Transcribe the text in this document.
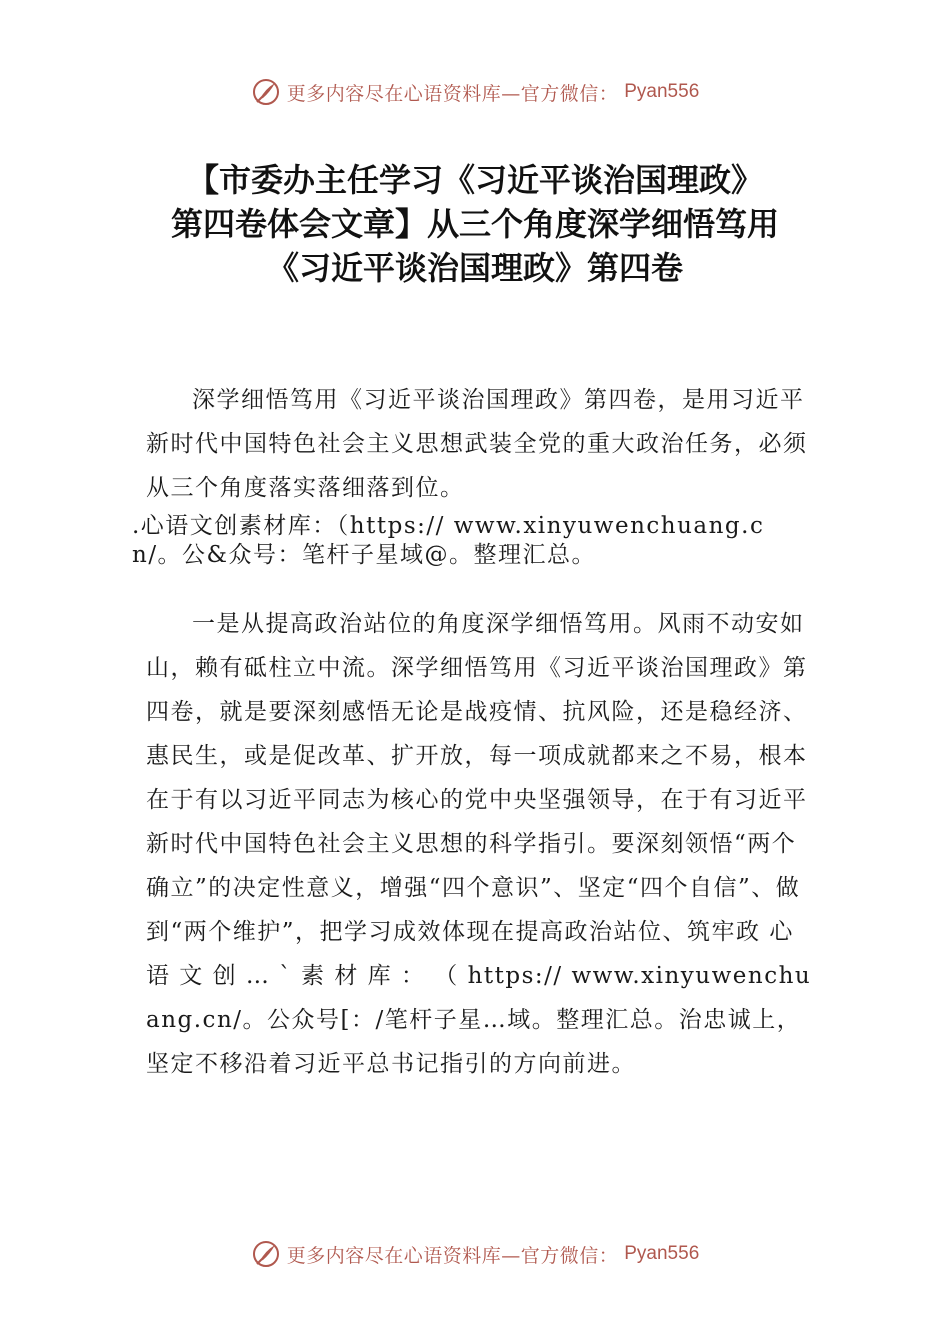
更多内容尽在心语资料库—官方微信： Pyan556
【市委办主任学习《习近平谈治国理政》
第四卷体会文章】从三个角度深学细悟笃用
《习近平谈治国理政》第四卷
深学细悟笃用《习近平谈治国理政》第四卷，是用习近平新时代中国特色社会主义思想武装全党的重大政治任务，必须从三个角度落实落细落到位。
.心语文创素材库：（https:// www.xinyuwenchuang.cn/。公&众号：笔杆子星域@。整理汇总。
一是从提高政治站位的角度深学细悟笃用。风雨不动安如山，赖有砥柱立中流。深学细悟笃用《习近平谈治国理政》第四卷，就是要深刻感悟无论是战疫情、抗风险，还是稳经济、惠民生，或是促改革、扩开放，每一项成就都来之不易，根本在于有以习近平同志为核心的党中央坚强领导，在于有习近平新时代中国特色社会主义思想的科学指引。要深刻领悟“两个确立”的决定性意义，增强“四个意识”、坚定“四个自信”、做到“两个维护”，把学习成效体现在提高政治站位、筑牢政 心 语 文 创 … ` 素 材 库 ： （ https:// www.xinyuwenchuang.cn/。公众号[：/笔杆子星…域。整理汇总。治忠诚上，坚定不移沿着习近平总书记指引的方向前进。
更多内容尽在心语资料库—官方微信： Pyan556
